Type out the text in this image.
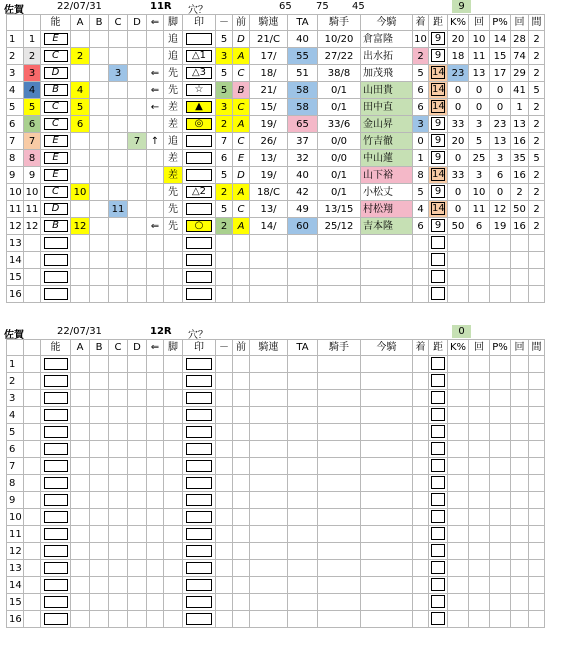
佐賀	22/07/31	11R 穴？	65 75 45	9
		能	A	B	C	D	⇐	脚	印	－	前	騎連	TA	騎手	今騎	着	距	K%	回	P%	回	間
1	1	E						追		5	D	21/C	40	10/20	倉富隆	10	9	20	10	14	28	2
2	2	C	2					追	△1	3	A	17/	55	27/22	出水拓	2	9	18	11	15	74	2
3	3	D			3		⇐	先	△3	5	C	18/	51	38/8	加茂飛	5	14	23	13	17	29	2
4	4	B	4				⇐	先	☆	5	B	21/	58	0/1	山田貴	6	14	0	0	0	41	5
5	5	C	5				←	差	▲	3	C	15/	58	0/1	田中直	6	14	0	0	0	1	2
6	6	C	6					差	◎	2	A	19/	65	33/6	金山昇	3	9	33	3	23	13	2
7	7	E				7	↑	追		7	C	26/	37	0/0	竹吉徹	0	9	20	5	13	16	2
8	8	E						差		6	E	13/	32	0/0	中山蓮	1	9	0	25	3	35	5
9	9	E						差		5	D	19/	40	0/1	山下裕	8	14	33	3	6	16	2
10	10	C	10					先	△2	2	A	18/C	42	0/1	小松丈	5	9	0	10	0	2	2
11	11	D			11			先		5	C	13/	49	13/15	村松翔	4	14	0	11	12	50	2
12	12	B	12				⇐	先	○	2	A	14/	60	25/12	吉本隆	6	9	50	6	19	16	2
13																						
14																						
15																						
16																						
佐賀	22/07/31	12R 穴？	0
		能	A	B	C	D	⇐	脚	印	－	前	騎連	TA	騎手	今騎	着	距	K%	回	P%	回	間
1																						
2																						
3																						
4																						
5																						
6																						
7																						
8																						
9																						
10																						
11																						
12																						
13																						
14																						
15																						
16																						
